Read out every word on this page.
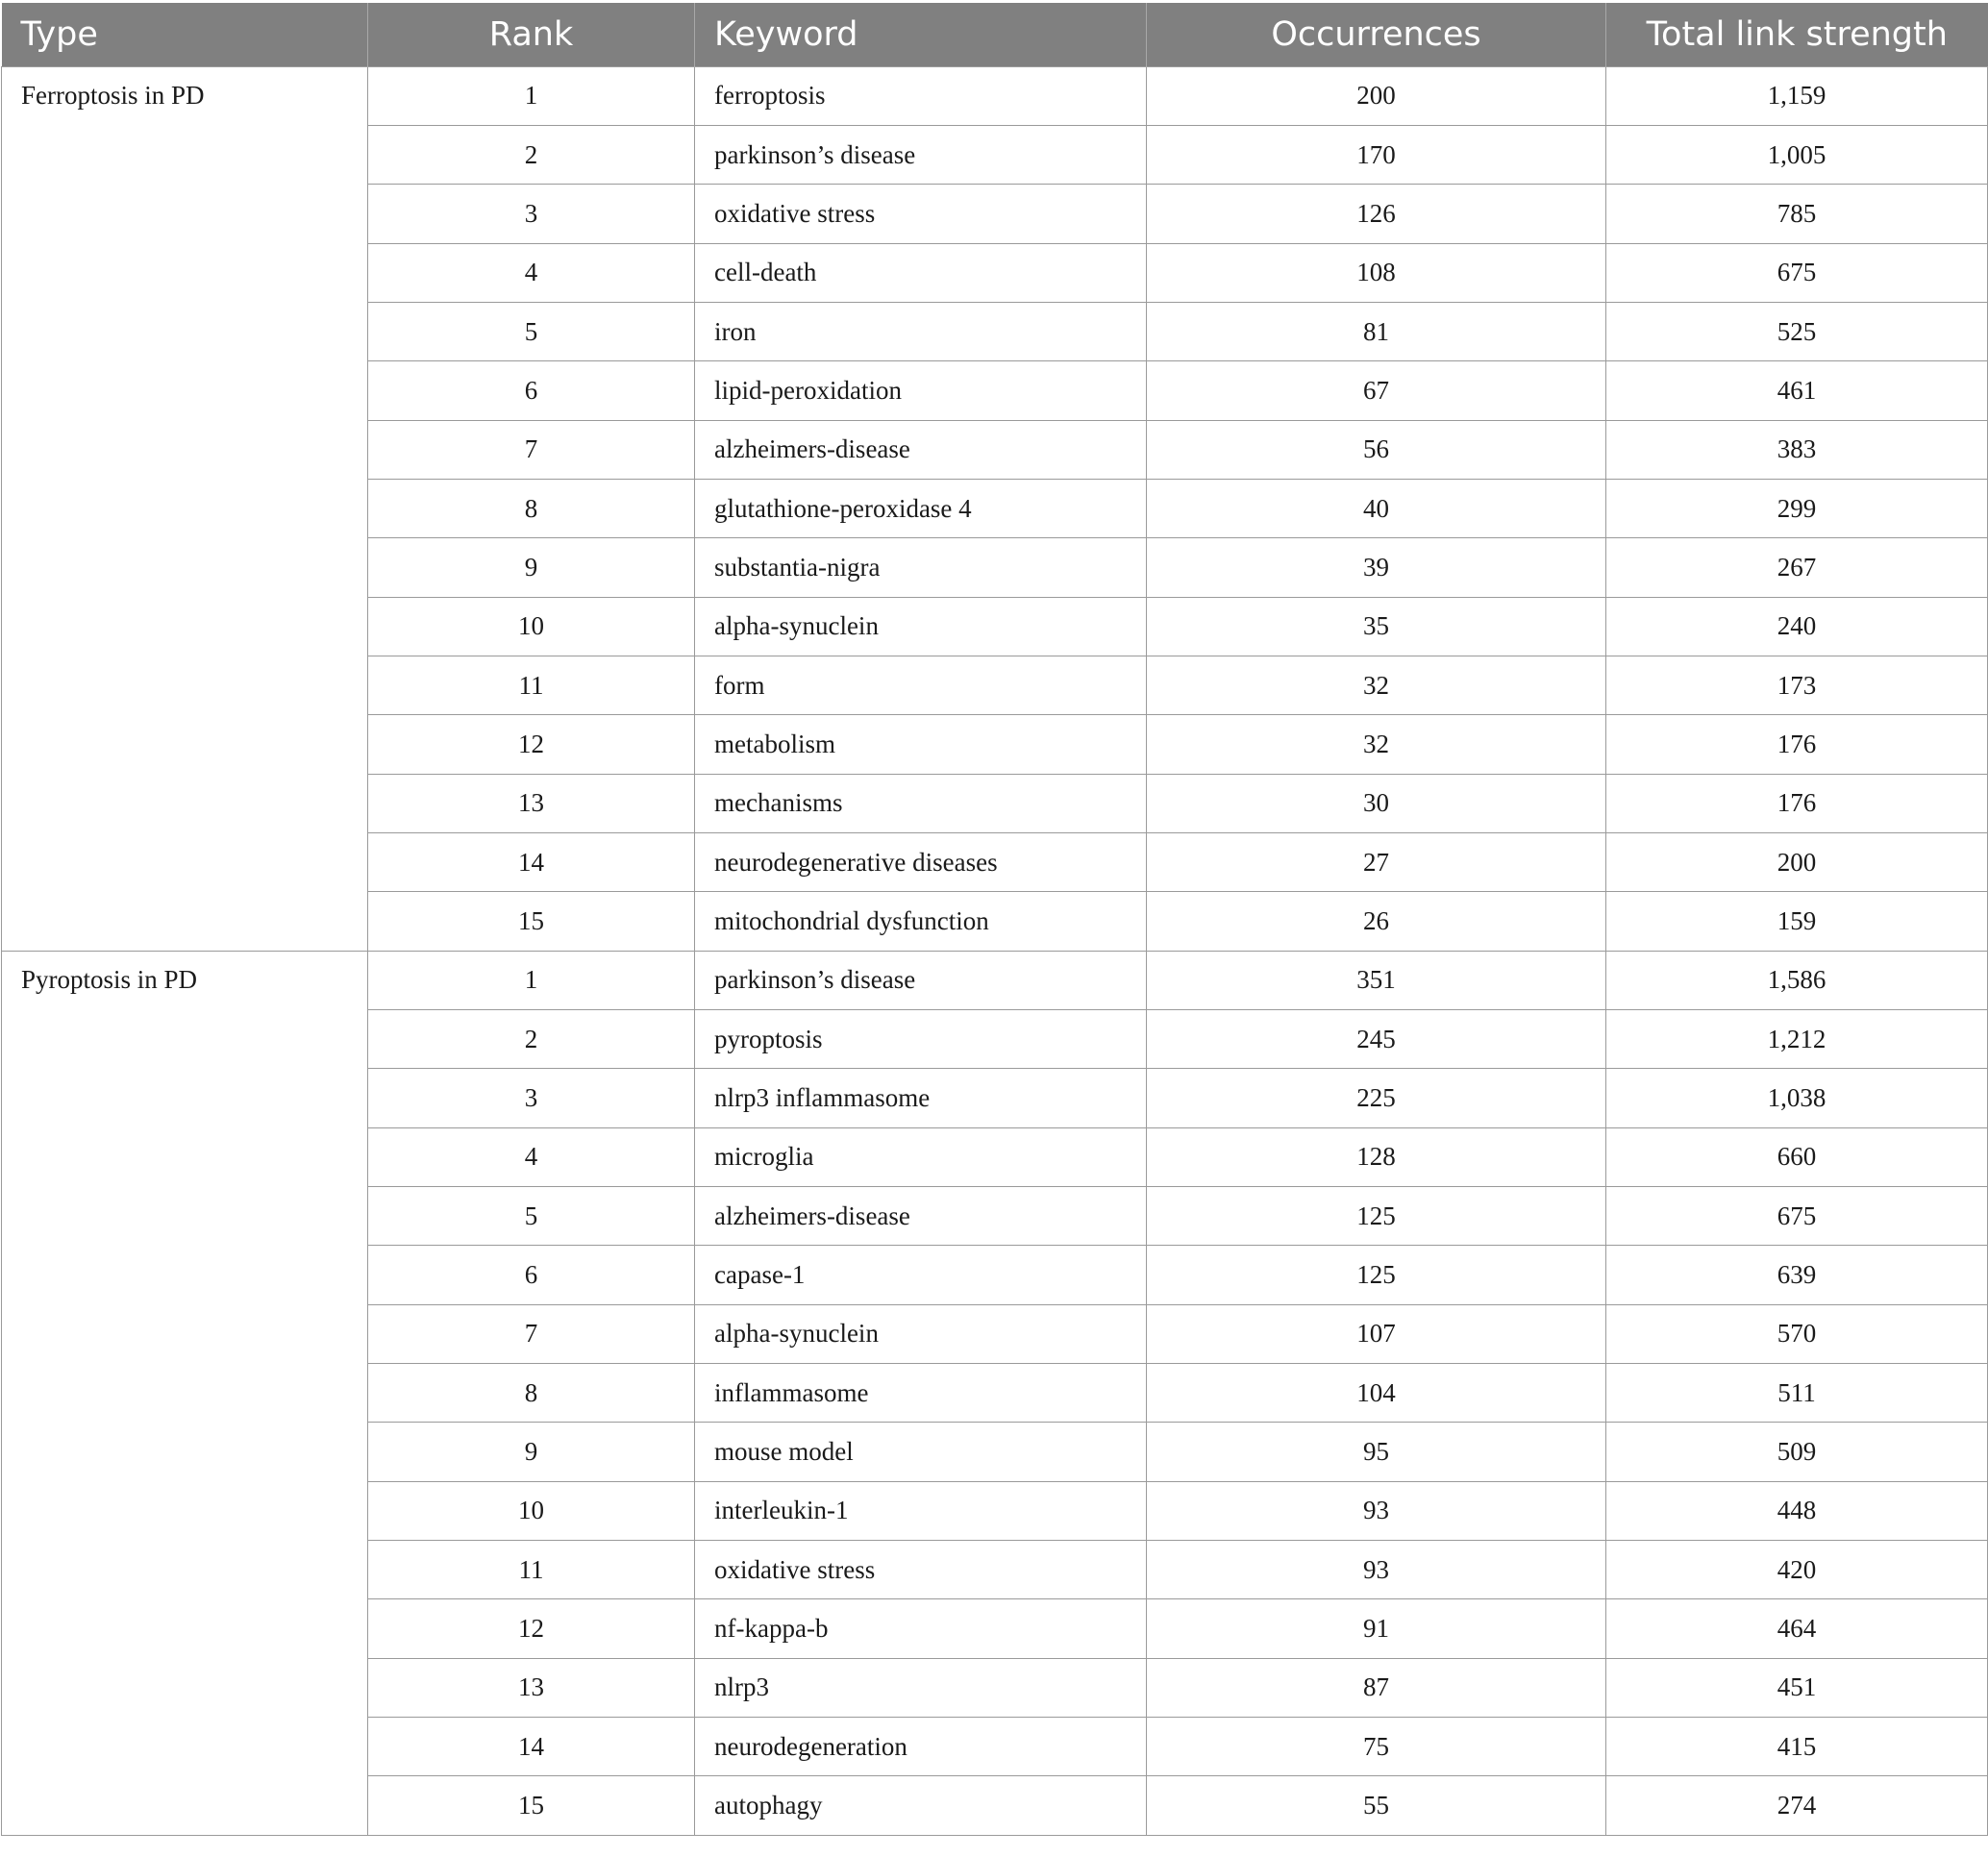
Type	Rank	Keyword	Occurrences	Total link strength
Ferroptosis in PD	1	ferroptosis	200	1,159
	2	parkinson’s disease	170	1,005
	3	oxidative stress	126	785
	4	cell-death	108	675
	5	iron	81	525
	6	lipid-peroxidation	67	461
	7	alzheimers-disease	56	383
	8	glutathione-peroxidase 4	40	299
	9	substantia-nigra	39	267
	10	alpha-synuclein	35	240
	11	form	32	173
	12	metabolism	32	176
	13	mechanisms	30	176
	14	neurodegenerative diseases	27	200
	15	mitochondrial dysfunction	26	159
Pyroptosis in PD	1	parkinson’s disease	351	1,586
	2	pyroptosis	245	1,212
	3	nlrp3 inflammasome	225	1,038
	4	microglia	128	660
	5	alzheimers-disease	125	675
	6	capase-1	125	639
	7	alpha-synuclein	107	570
	8	inflammasome	104	511
	9	mouse model	95	509
	10	interleukin-1	93	448
	11	oxidative stress	93	420
	12	nf-kappa-b	91	464
	13	nlrp3	87	451
	14	neurodegeneration	75	415
	15	autophagy	55	274
